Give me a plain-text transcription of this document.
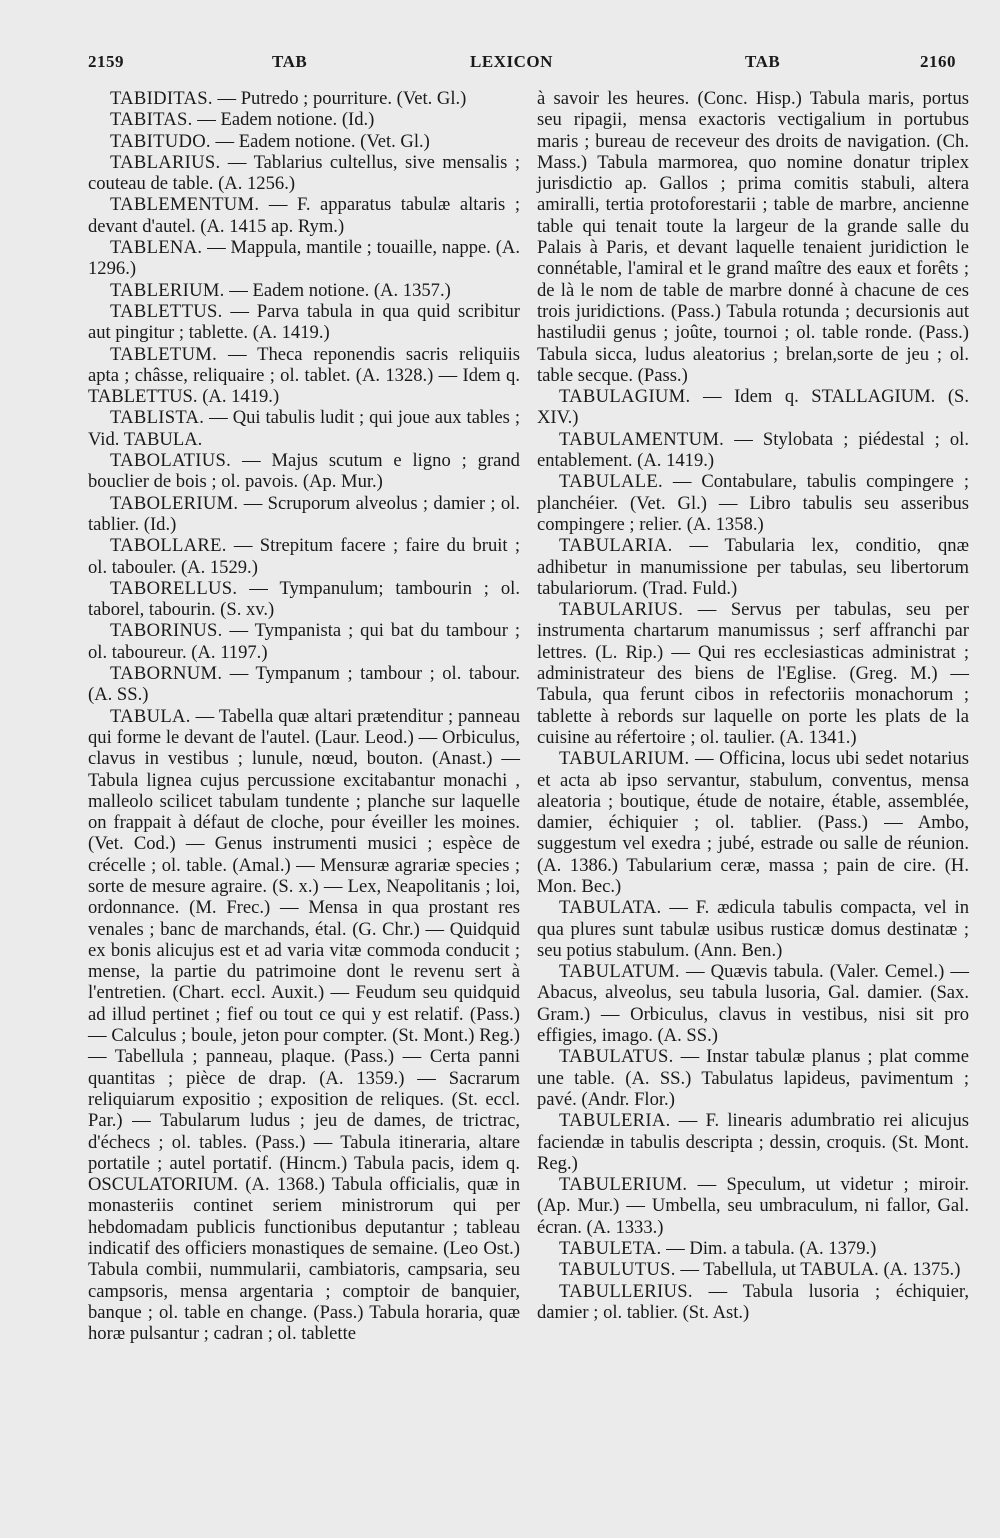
2159	TAB	LEXICON	TAB	2160

TABIDITAS. — Putredo ; pourriture. (Vet. Gl.)

TABITAS. — Eadem notione. (Id.)

TABITUDO. — Eadem notione. (Vet. Gl.)

TABLARIUS. — Tablarius cultellus, sive mensalis ; couteau de table. (A. 1256.)

TABLEMENTUM. — F. apparatus tabulæ altaris ; devant d'autel. (A. 1415 ap. Rym.)

TABLENA. — Mappula, mantile ; touaille, nappe. (A. 1296.)

TABLERIUM. — Eadem notione. (A. 1357.)

TABLETTUS. — Parva tabula in qua quid scribitur aut pingitur ; tablette. (A. 1419.)

TABLETUM. — Theca reponendis sacris reliquiis apta ; châsse, reliquaire ; ol. tablet. (A. 1328.) — Idem q. TABLETTUS. (A. 1419.)

TABLISTA. — Qui tabulis ludit ; qui joue aux tables ; Vid. TABULA.

TABOLATIUS. — Majus scutum e ligno ; grand bouclier de bois ; ol. pavois. (Ap. Mur.)

TABOLERIUM. — Scruporum alveolus ; damier ; ol. tablier. (Id.)

TABOLLARE. — Strepitum facere ; faire du bruit ; ol. tabouler. (A. 1529.)

TABORELLUS. — Tympanulum; tambourin ; ol. taborel, tabourin. (S. xv.)

TABORINUS. — Tympanista ; qui bat du tambour ; ol. taboureur. (A. 1197.)

TABORNUM. — Tympanum ; tambour ; ol. tabour. (A. SS.)

TABULA. — Tabella quæ altari prætenditur ; panneau qui forme le devant de l'autel. (Laur. Leod.) — Orbiculus, clavus in vestibus ; lunule, nœud, bouton. (Anast.) — Tabula lignea cujus percussione excitabantur monachi , malleolo scilicet tabulam tundente ; planche sur laquelle on frappait à défaut de cloche, pour éveiller les moines. (Vet. Cod.) — Genus instrumenti musici ; espèce de crécelle ; ol. table. (Amal.) — Mensuræ agrariæ species ; sorte de mesure agraire. (S. x.) — Lex, Neapolitanis ; loi, ordonnance. (M. Frec.) — Mensa in qua prostant res venales ; banc de marchands, étal. (G. Chr.) — Quidquid ex bonis alicujus est et ad varia vitæ commoda conducit ; mense, la partie du patrimoine dont le revenu sert à l'entretien. (Chart. eccl. Auxit.) — Feudum seu quidquid ad illud pertinet ; fief ou tout ce qui y est relatif. (Pass.) — Calculus ; boule, jeton pour compter. (St. Mont.) Reg.) — Tabellula ; panneau, plaque. (Pass.) — Certa panni quantitas ; pièce de drap. (A. 1359.) — Sacrarum reliquiarum expositio ; exposition de reliques. (St. eccl. Par.) — Tabularum ludus ; jeu de dames, de trictrac, d'échecs ; ol. tables. (Pass.) — Tabula itineraria, altare portatile ; autel portatif. (Hincm.) Tabula pacis, idem q. OSCULATORIUM. (A. 1368.) Tabula officialis, quæ in monasteriis continet seriem ministrorum qui per hebdomadam publicis functionibus deputantur ; tableau indicatif des officiers monastiques de semaine. (Leo Ost.) Tabula combii, nummularii, cambiatoris, campsaria, seu campsoris, mensa argentaria ; comptoir de banquier, banque ; ol. table en change. (Pass.) Tabula horaria, quæ horæ pulsantur ; cadran ; ol. tablette

à savoir les heures. (Conc. Hisp.) Tabula maris, portus seu ripagii, mensa exactoris vectigalium in portubus maris ; bureau de receveur des droits de navigation. (Ch. Mass.) Tabula marmorea, quo nomine donatur triplex jurisdictio ap. Gallos ; prima comitis stabuli, altera amiralli, tertia protoforestarii ; table de marbre, ancienne table qui tenait toute la largeur de la grande salle du Palais à Paris, et devant laquelle tenaient juridiction le connétable, l'amiral et le grand maître des eaux et forêts ; de là le nom de table de marbre donné à chacune de ces trois juridictions. (Pass.) Tabula rotunda ; decursionis aut hastiludii genus ; joûte, tournoi ; ol. table ronde. (Pass.) Tabula sicca, ludus aleatorius ; brelan,sorte de jeu ; ol. table secque. (Pass.)

TABULAGIUM. — Idem q. STALLAGIUM. (S. XIV.)

TABULAMENTUM. — Stylobata ; piédestal ; ol. entablement. (A. 1419.)

TABULALE. — Contabulare, tabulis compingere ; planchéier. (Vet. Gl.) — Libro tabulis seu asseribus compingere ; relier. (A. 1358.)

TABULARIA. — Tabularia lex, conditio, qnæ adhibetur in manumissione per tabulas, seu libertorum tabulariorum. (Trad. Fuld.)

TABULARIUS. — Servus per tabulas, seu per instrumenta chartarum manumissus ; serf affranchi par lettres. (L. Rip.) — Qui res ecclesiasticas administrat ; administrateur des biens de l'Eglise. (Greg. M.) — Tabula, qua ferunt cibos in refectoriis monachorum ; tablette à rebords sur laquelle on porte les plats de la cuisine au réfertoire ; ol. taulier. (A. 1341.)

TABULARIUM. — Officina, locus ubi sedet notarius et acta ab ipso servantur, stabulum, conventus, mensa aleatoria ; boutique, étude de notaire, étable, assemblée, damier, échiquier ; ol. tablier. (Pass.) — Ambo, suggestum vel exedra ; jubé, estrade ou salle de réunion. (A. 1386.) Tabularium ceræ, massa ; pain de cire. (H. Mon. Bec.)

TABULATA. — F. ædicula tabulis compacta, vel in qua plures sunt tabulæ usibus rusticæ domus destinatæ ; seu potius stabulum. (Ann. Ben.)

TABULATUM. — Quævis tabula. (Valer. Cemel.) — Abacus, alveolus, seu tabula lusoria, Gal. damier. (Sax. Gram.) — Orbiculus, clavus in vestibus, nisi sit pro effigies, imago. (A. SS.)

TABULATUS. — Instar tabulæ planus ; plat comme une table. (A. SS.) Tabulatus lapideus, pavimentum ; pavé. (Andr. Flor.)

TABULERIA. — F. linearis adumbratio rei alicujus faciendæ in tabulis descripta ; dessin, croquis. (St. Mont. Reg.)

TABULERIUM. — Speculum, ut videtur ; miroir. (Ap. Mur.) — Umbella, seu umbraculum, ni fallor, Gal. écran. (A. 1333.)

TABULETA. — Dim. a tabula. (A. 1379.)

TABULUTUS. — Tabellula, ut TABULA. (A. 1375.)

TABULLERIUS. — Tabula lusoria ; échiquier, damier ; ol. tablier. (St. Ast.)
